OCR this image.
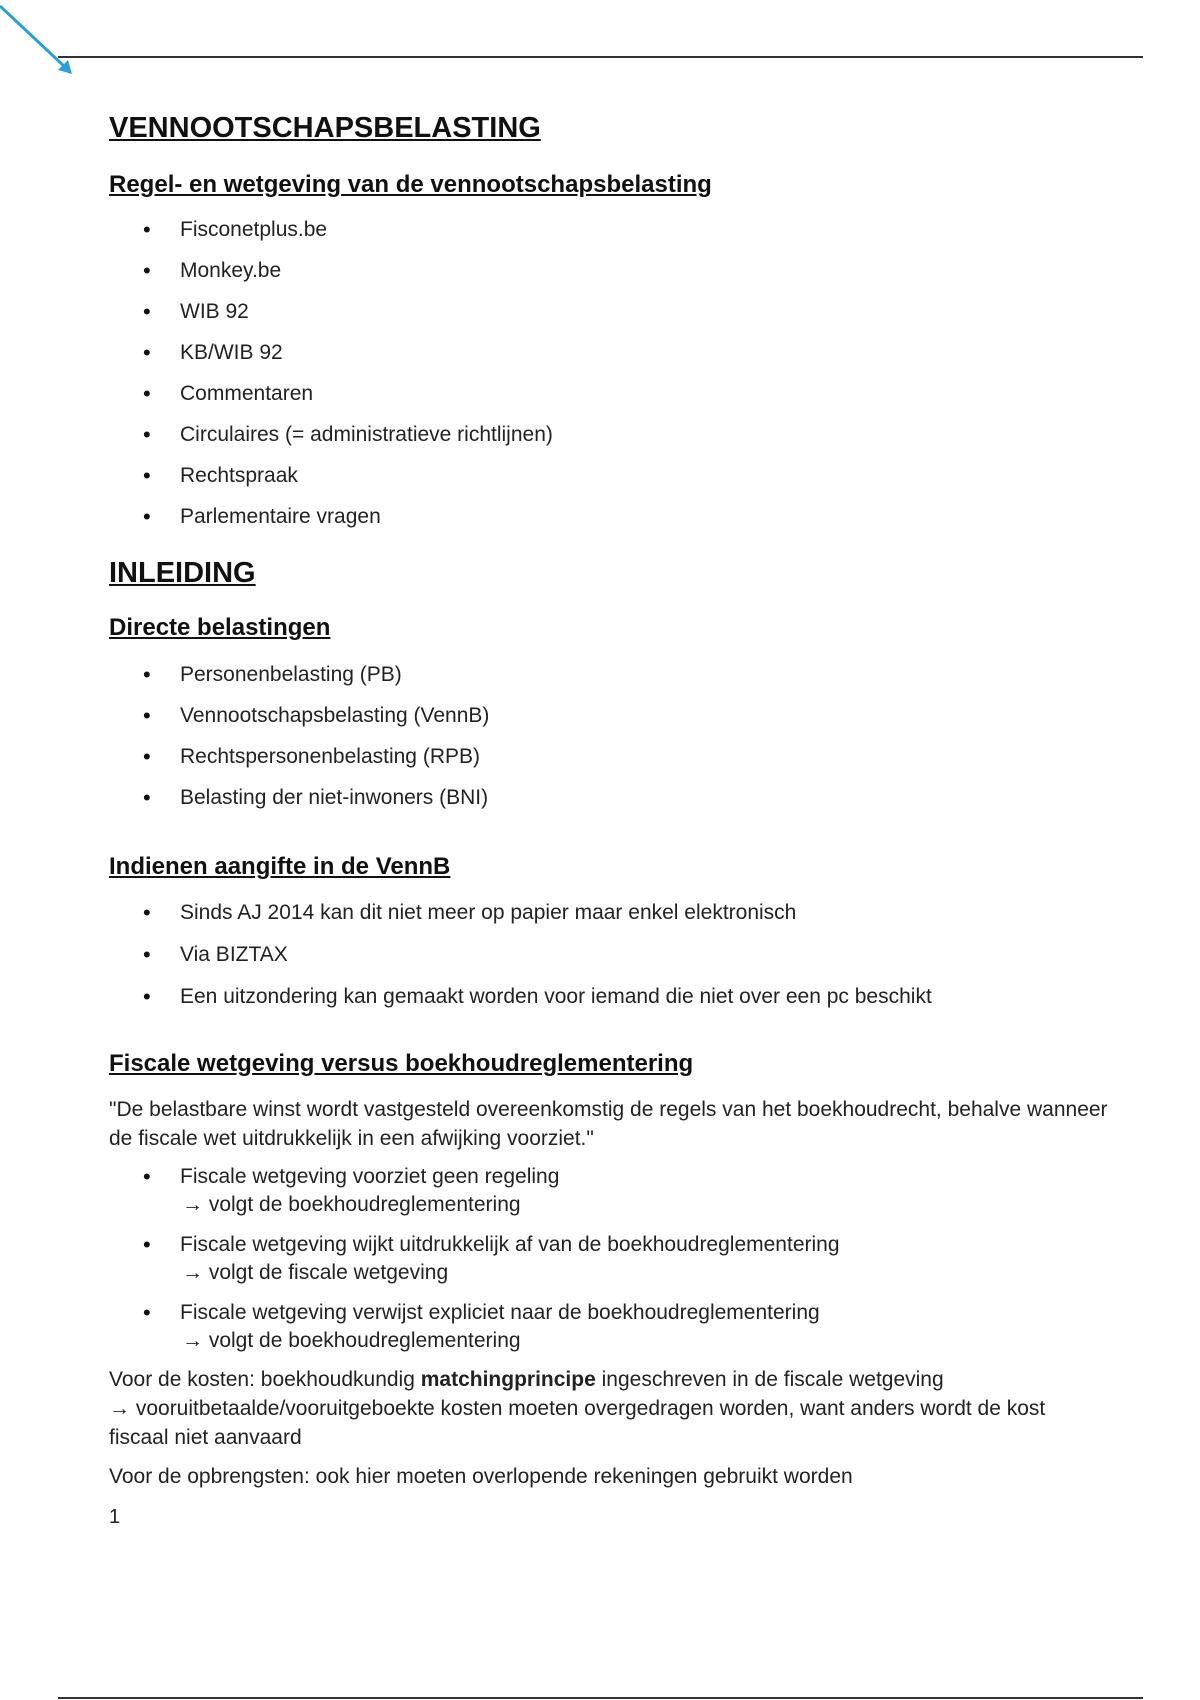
VENNOOTSCHAPSBELASTING
Regel- en wetgeving van de vennootschapsbelasting
• Fisconetplus.be
• Monkey.be
• WIB 92
• KB/WIB 92
• Commentaren
• Circulaires (= administratieve richtlijnen)
• Rechtspraak
• Parlementaire vragen
INLEIDING
Directe belastingen
• Personenbelasting (PB)
• Vennootschapsbelasting (VennB)
• Rechtspersonenbelasting (RPB)
• Belasting der niet-inwoners (BNI)
Indienen aangifte in de VennB
• Sinds AJ 2014 kan dit niet meer op papier maar enkel elektronisch
• Via BIZTAX
• Een uitzondering kan gemaakt worden voor iemand die niet over een pc beschikt
Fiscale wetgeving versus boekhoudreglementering

"De belastbare winst wordt vastgesteld overeenkomstig de regels van het boekhoudrecht, behalve wanneer de fiscale wet uitdrukkelijk in een afwijking voorziet."

• Fiscale wetgeving voorziet geen regeling
→ volgt de boekhoudreglementering
• Fiscale wetgeving wijkt uitdrukkelijk af van de boekhoudreglementering
→ volgt de fiscale wetgeving
• Fiscale wetgeving verwijst expliciet naar de boekhoudreglementering
→ volgt de boekhoudreglementering

Voor de kosten: boekhoudkundig matchingprincipe ingeschreven in de fiscale wetgeving
→ vooruitbetaalde/vooruitgeboekte kosten moeten overgedragen worden, want anders wordt de kost fiscaal niet aanvaard

Voor de opbrengsten: ook hier moeten overlopende rekeningen gebruikt worden

1
